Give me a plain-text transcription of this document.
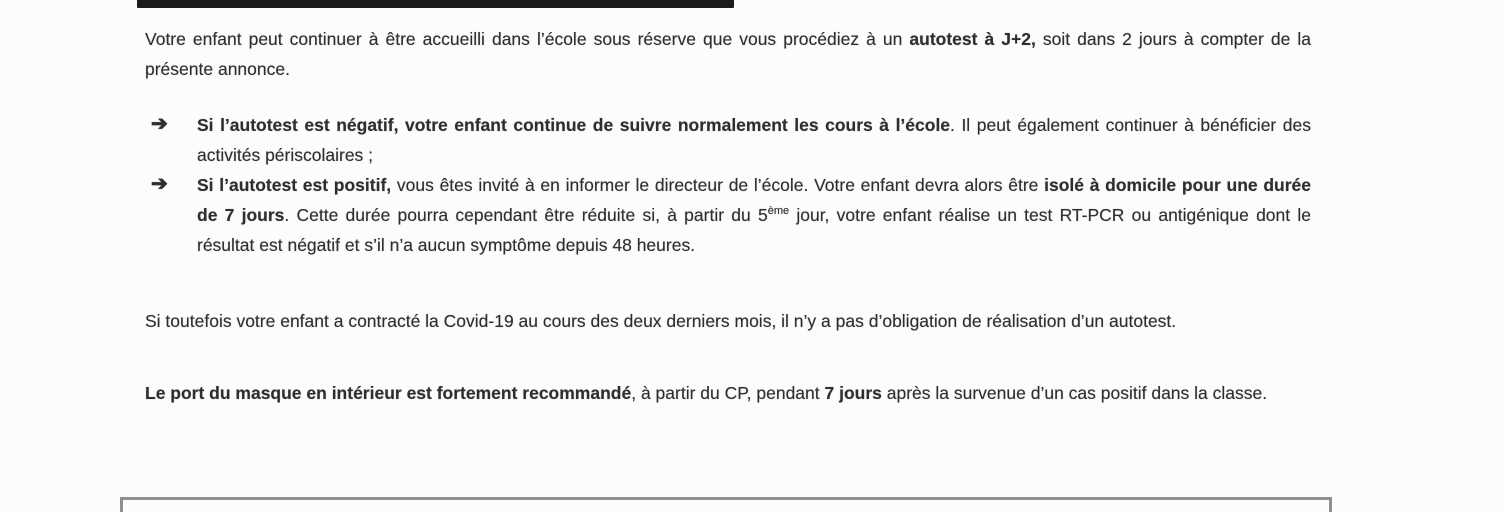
Votre enfant peut continuer à être accueilli dans l’école sous réserve que vous procédiez à un autotest à J+2, soit dans 2 jours à compter de la présente annonce.

➔ Si l’autotest est négatif, votre enfant continue de suivre normalement les cours à l’école. Il peut également continuer à bénéficier des activités périscolaires ;
➔ Si l’autotest est positif, vous êtes invité à en informer le directeur de l’école. Votre enfant devra alors être isolé à domicile pour une durée de 7 jours. Cette durée pourra cependant être réduite si, à partir du 5ème jour, votre enfant réalise un test RT-PCR ou antigénique dont le résultat est négatif et s’il n’a aucun symptôme depuis 48 heures.

Si toutefois votre enfant a contracté la Covid-19 au cours des deux derniers mois, il n’y a pas d’obligation de réalisation d’un autotest.

Le port du masque en intérieur est fortement recommandé, à partir du CP, pendant 7 jours après la survenue d’un cas positif dans la classe.
